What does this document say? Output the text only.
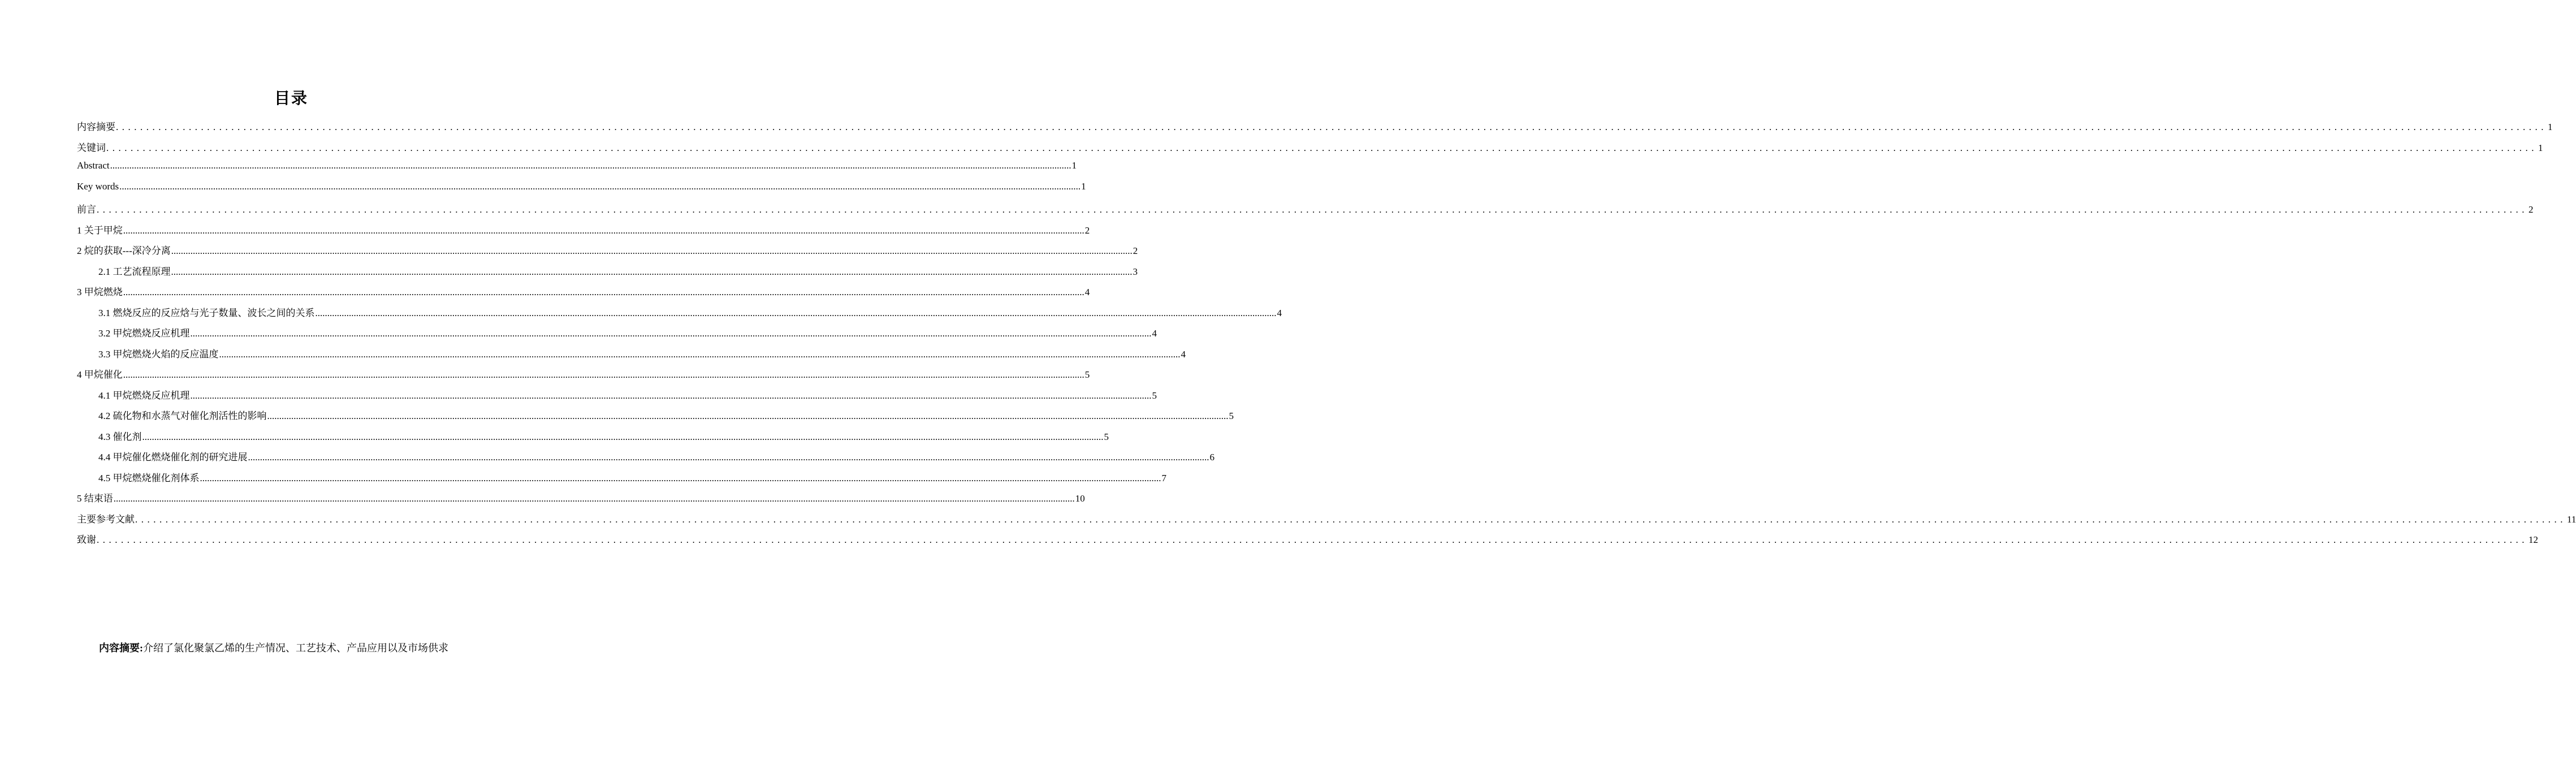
目录
内容摘要 ................................................................................................................................................................................................................................................................................................................................................................................................................ 1
关键词 ................................................................................................................................................................................................................................................................................................................................................................................................................ 1
Abstract ................................................................................................................................................................................................................................................................................................................................................................................................................ 1
Key words ................................................................................................................................................................................................................................................................................................................................................................................................................ 1
前言 ................................................................................................................................................................................................................................................................................................................................................................................................................ 2
1 关于甲烷 ................................................................................................................................................................................................................................................................................................................................................................................................................ 2
2 烷的获取---深冷分离 ................................................................................................................................................................................................................................................................................................................................................................................................................ 2
2.1 工艺流程原理 ................................................................................................................................................................................................................................................................................................................................................................................................................ 3
3 甲烷燃烧 ................................................................................................................................................................................................................................................................................................................................................................................................................ 4
3.1 燃烧反应的反应焓与光子数量、波长之间的关系 ................................................................................................................................................................................................................................................................................................................................................................................................................ 4
3.2 甲烷燃烧反应机理 ................................................................................................................................................................................................................................................................................................................................................................................................................ 4
3.3 甲烷燃烧火焰的反应温度 ................................................................................................................................................................................................................................................................................................................................................................................................................ 4
4 甲烷催化 ................................................................................................................................................................................................................................................................................................................................................................................................................ 5
4.1 甲烷燃烧反应机理 ................................................................................................................................................................................................................................................................................................................................................................................................................ 5
4.2 硫化物和水蒸气对催化剂活性的影响 ................................................................................................................................................................................................................................................................................................................................................................................................................ 5
4.3 催化剂 ................................................................................................................................................................................................................................................................................................................................................................................................................ 5
4.4 甲烷催化燃烧催化剂的研究进展 ................................................................................................................................................................................................................................................................................................................................................................................................................ 6
4.5 甲烷燃烧催化剂体系 ................................................................................................................................................................................................................................................................................................................................................................................................................ 7
5 结束语 ................................................................................................................................................................................................................................................................................................................................................................................................................ 10
主要参考文献 ................................................................................................................................................................................................................................................................................................................................................................................................................ 11
致谢 ................................................................................................................................................................................................................................................................................................................................................................................................................ 12
内容摘要:介绍了氯化聚氯乙烯的生产情况、工艺技术、产品应用以及市场供求
